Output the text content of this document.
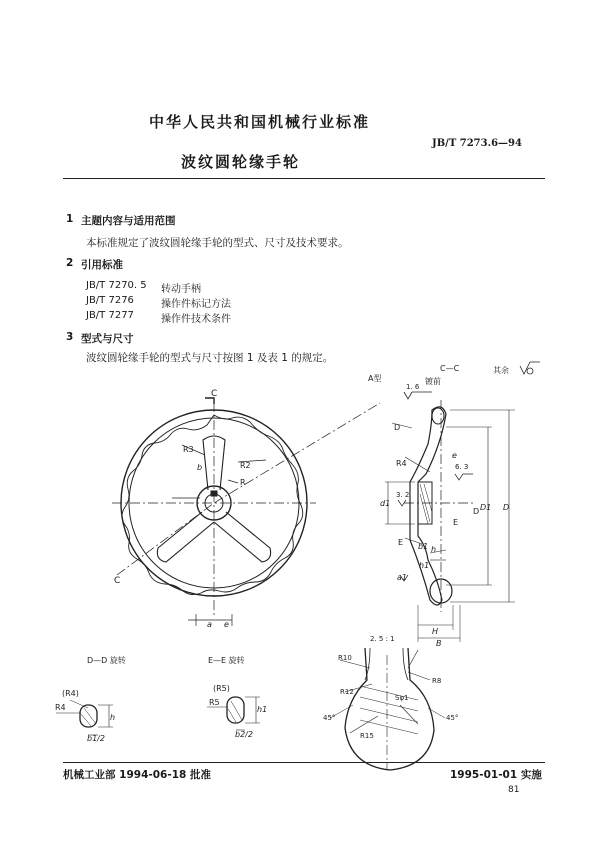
中华人民共和国机械行业标准
JB/T 7273.6—94
波纹圆轮缘手轮
1 主题内容与适用范围
本标准规定了波纹圆轮缘手轮的型式、尺寸及技术要求。
2 引用标准
JB/T 7270. 5 转动手柄
JB/T 7276	操作件标记方法
JB/T 7277	操作件技术条件
3 型式与尺寸
波纹圆轮缘手轮的型式与尺寸按图 1 及表 1 的规定。
A型
C—C	其余
镀前
1. 6
C
C
R3
R2
R
b
a e
D
E
E
D D1 D
d1
R4
H
B
h
h1
b1
6. 3
3. 2
e
a1
D—D 旋转	E—E 旋转
(R4)
R4
b1/2
h
(R5)
R5
b2/2
h1
2. 5 : 1
R10
R12
R8
45°	45°
R15
Sφ1
机械工业部 1994-06-18 批准	1995-01-01 实施
81
